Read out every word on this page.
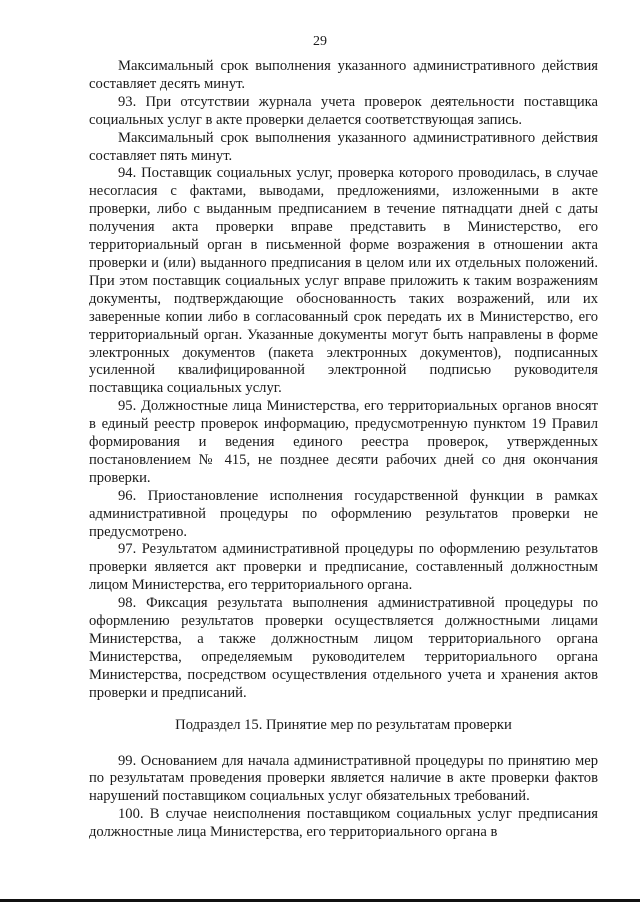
29

Максимальный срок выполнения указанного административного действия составляет десять минут.

93. При отсутствии журнала учета проверок деятельности поставщика социальных услуг в акте проверки делается соответствующая запись.

Максимальный срок выполнения указанного административного действия составляет пять минут.

94. Поставщик социальных услуг, проверка которого проводилась, в случае несогласия с фактами, выводами, предложениями, изложенными в акте проверки, либо с выданным предписанием в течение пятнадцати дней с даты получения акта проверки вправе представить в Министерство, его территориальный орган в письменной форме возражения в отношении акта проверки и (или) выданного предписания в целом или их отдельных положений. При этом поставщик социальных услуг вправе приложить к таким возражениям документы, подтверждающие обоснованность таких возражений, или их заверенные копии либо в согласованный срок передать их в Министерство, его территориальный орган. Указанные документы могут быть направлены в форме электронных документов (пакета электронных документов), подписанных усиленной квалифицированной электронной подписью руководителя поставщика социальных услуг.

95. Должностные лица Министерства, его территориальных органов вносят в единый реестр проверок информацию, предусмотренную пунктом 19 Правил формирования и ведения единого реестра проверок, утвержденных постановлением № 415, не позднее десяти рабочих дней со дня окончания проверки.

96. Приостановление исполнения государственной функции в рамках административной процедуры по оформлению результатов проверки не предусмотрено.

97. Результатом административной процедуры по оформлению результатов проверки является акт проверки и предписание, составленный должностным лицом Министерства, его территориального органа.

98. Фиксация результата выполнения административной процедуры по оформлению результатов проверки осуществляется должностными лицами Министерства, а также должностным лицом территориального органа Министерства, определяемым руководителем территориального органа Министерства, посредством осуществления отдельного учета и хранения актов проверки и предписаний.

Подраздел 15. Принятие мер по результатам проверки

99. Основанием для начала административной процедуры по принятию мер по результатам проведения проверки является наличие в акте проверки фактов нарушений поставщиком социальных услуг обязательных требований.

100. В случае неисполнения поставщиком социальных услуг предписания должностные лица Министерства, его территориального органа в
